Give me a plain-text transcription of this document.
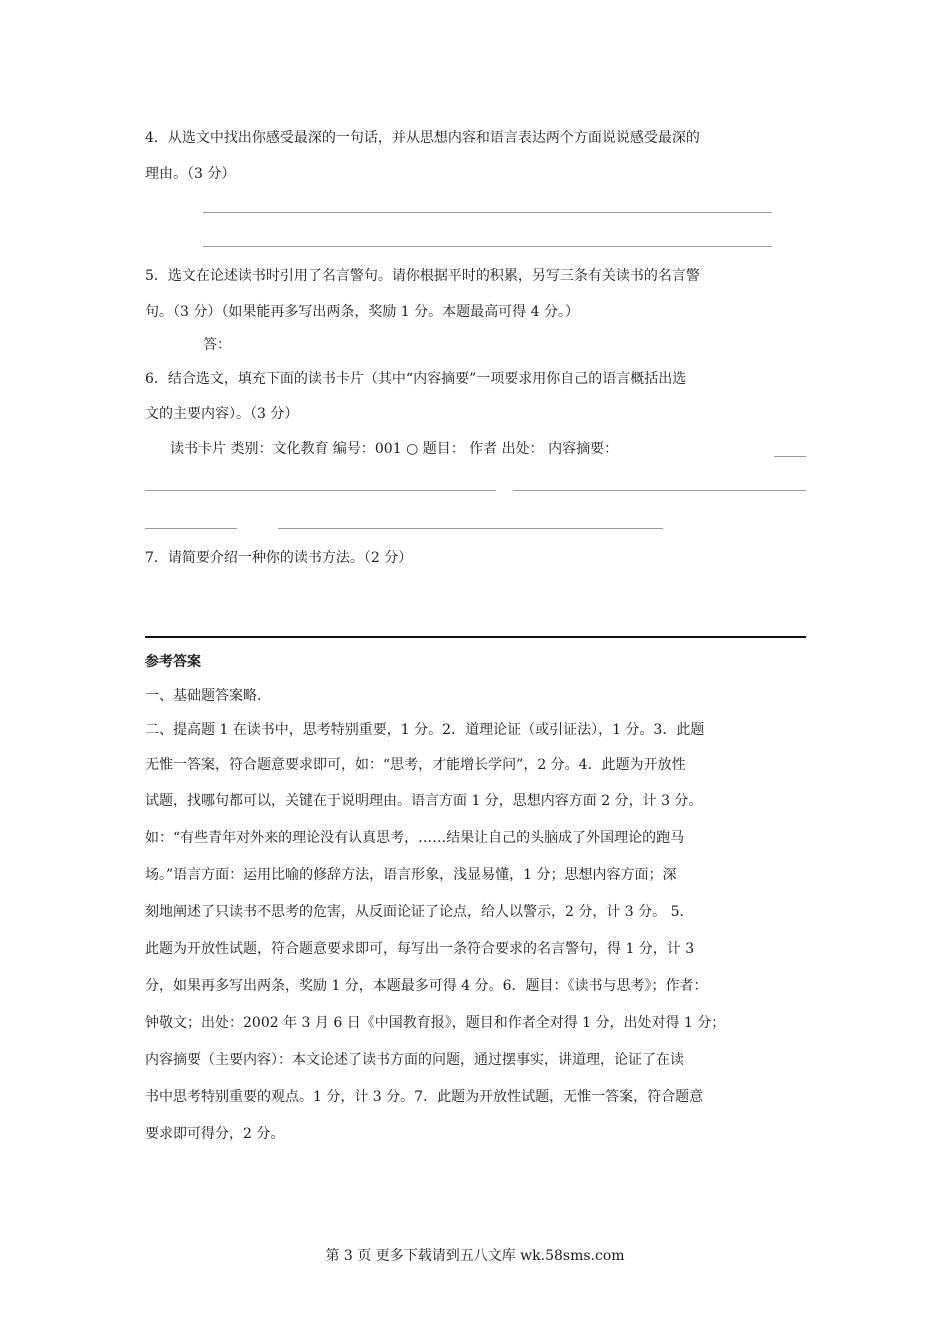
4．从选文中找出你感受最深的一句话，并从思想内容和语言表达两个方面说说感受最深的
理由。（3 分）
5．选文在论述读书时引用了名言警句。请你根据平时的积累，另写三条有关读书的名言警
句。（3 分）（如果能再多写出两条，奖励 1 分。本题最高可得 4 分。）
答：
6．结合选文，填充下面的读书卡片（其中“内容摘要”一项要求用你自己的语言概括出选
文的主要内容）。（3 分）
读书卡片 类别：文化教育 编号：001 ○ 题目： 作者 出处： 内容摘要：
7．请简要介绍一种你的读书方法。（2 分）
参考答案
一、基础题答案略.
二、提高题 1 在读书中，思考特别重要，1 分。2．道理论证（或引证法），1 分。3．此题
无惟一答案，符合题意要求即可，如：“思考，才能增长学问”，2 分。4．此题为开放性
试题，找哪句都可以，关键在于说明理由。语言方面 1 分，思想内容方面 2 分，计 3 分。
如：“有些青年对外来的理论没有认真思考，……结果让自己的头脑成了外国理论的跑马
场。”语言方面：运用比喻的修辞方法，语言形象，浅显易懂，1 分；思想内容方面；深
刻地阐述了只读书不思考的危害，从反面论证了论点，给人以警示，2 分，计 3 分。 5．
此题为开放性试题，符合题意要求即可，每写出一条符合要求的名言警句，得 1 分，计 3
分，如果再多写出两条，奖励 1 分，本题最多可得 4 分。6．题目：《读书与思考》；作者：
钟敬文；出处：2002 年 3 月 6 日《中国教育报》，题目和作者全对得 1 分，出处对得 1 分；
内容摘要（主要内容）：本文论述了读书方面的问题，通过摆事实，讲道理，论证了在读
书中思考特别重要的观点。1 分，计 3 分。7．此题为开放性试题，无惟一答案，符合题意
要求即可得分，2 分。
第 3 页 更多下载请到五八文库 wk.58sms.com
